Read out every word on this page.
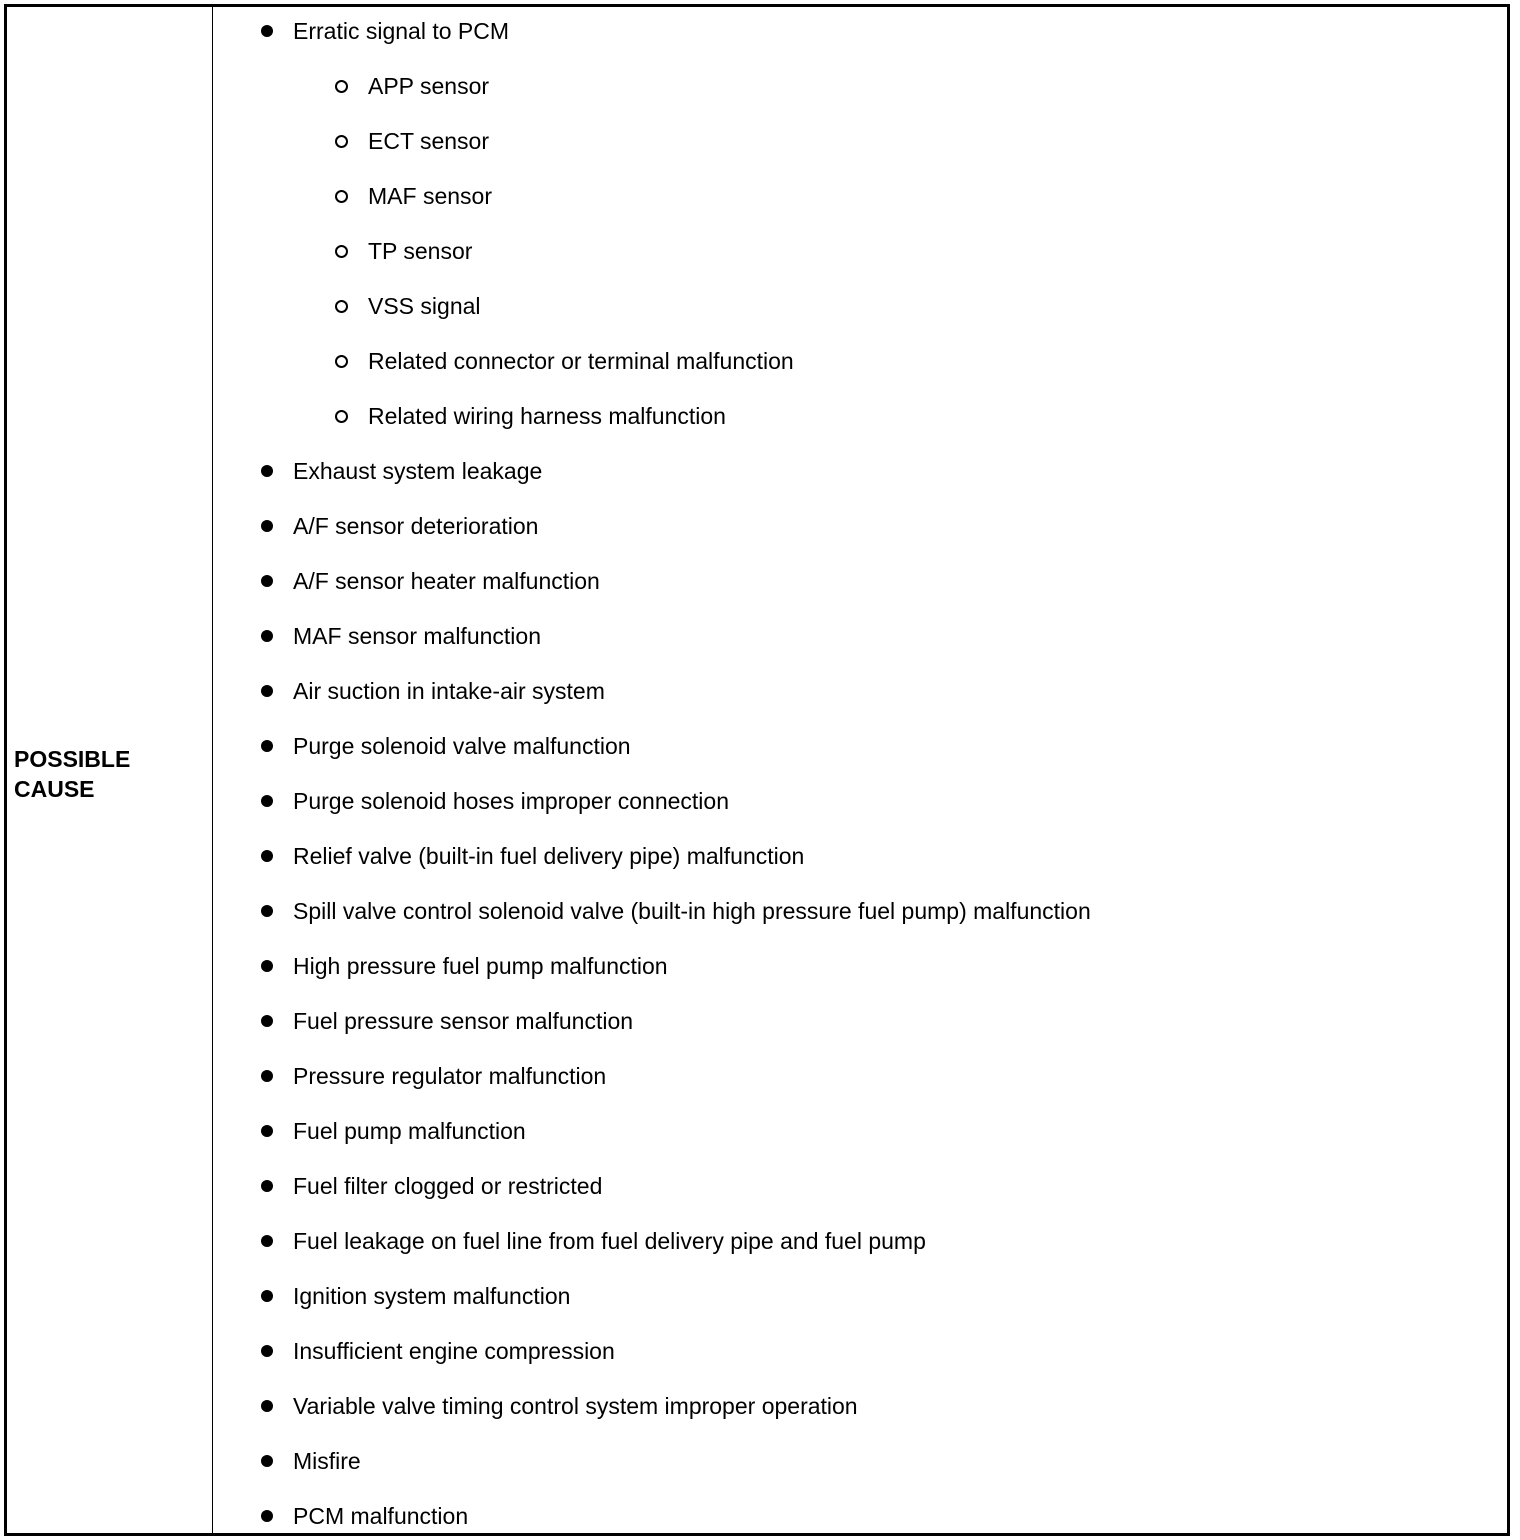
POSSIBLE
CAUSE
Erratic signal to PCM
APP sensor
ECT sensor
MAF sensor
TP sensor
VSS signal
Related connector or terminal malfunction
Related wiring harness malfunction
Exhaust system leakage
A/F sensor deterioration
A/F sensor heater malfunction
MAF sensor malfunction
Air suction in intake-air system
Purge solenoid valve malfunction
Purge solenoid hoses improper connection
Relief valve (built-in fuel delivery pipe) malfunction
Spill valve control solenoid valve (built-in high pressure fuel pump) malfunction
High pressure fuel pump malfunction
Fuel pressure sensor malfunction
Pressure regulator malfunction
Fuel pump malfunction
Fuel filter clogged or restricted
Fuel leakage on fuel line from fuel delivery pipe and fuel pump
Ignition system malfunction
Insufficient engine compression
Variable valve timing control system improper operation
Misfire
PCM malfunction
